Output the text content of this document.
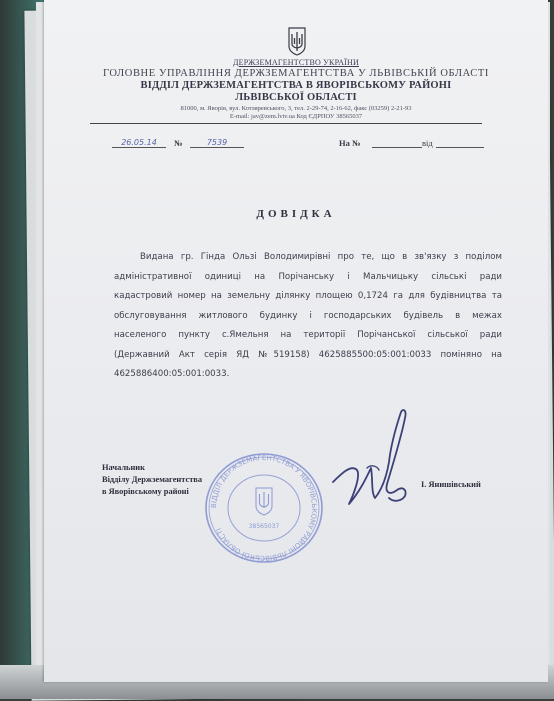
ДЕРЖЗЕМАГЕНТСТВО УКРАЇНИ

ГОЛОВНЕ УПРАВЛІННЯ ДЕРЖЗЕМАГЕНТСТВА У ЛЬВІВСЬКІЙ ОБЛАСТІ

ВІДДІЛ ДЕРЖЗЕМАГЕНТСТВА В ЯВОРІВСЬКОМУ РАЙОНІ

ЛЬВІВСЬКОЇ ОБЛАСТІ

81000, м. Яворів, вул. Котляревського, 3, тел. 2-29-74, 2-16-62, факс (03259) 2-21-93

E-mail: jav@zem.lviv.ua Код ЄДРПОУ 38565037

26.05.14	№	7539	На №	від
ДОВІДКА
Видана гр. Гінда Ользі Володимирівні про те, що в зв'язку з поділом
адміністративної одиниці на Порічанську і Мальчицьку сільські ради
кадастровий номер на земельну ділянку площею 0,1724 га для будівництва та
обслуговування житлового будинку і господарських будівель в межах
населеного пункту с.Ямельня на території Порічанської сільської ради
(Державний Акт серія ЯД №519158) 4625885500:05:001:0033 поміняно на
4625886400:05:001:0033.
Начальник
Відділу Держземагентства
в Яворівському районі
ВІДДІЛ ДЕРЖЗЕМАГЕНТСТВА У ЯВОРІВСЬКОМУ РАЙОНІ ЛЬВІВСЬКОЇ ОБЛАСТІ	38565037
І. Янишівський
